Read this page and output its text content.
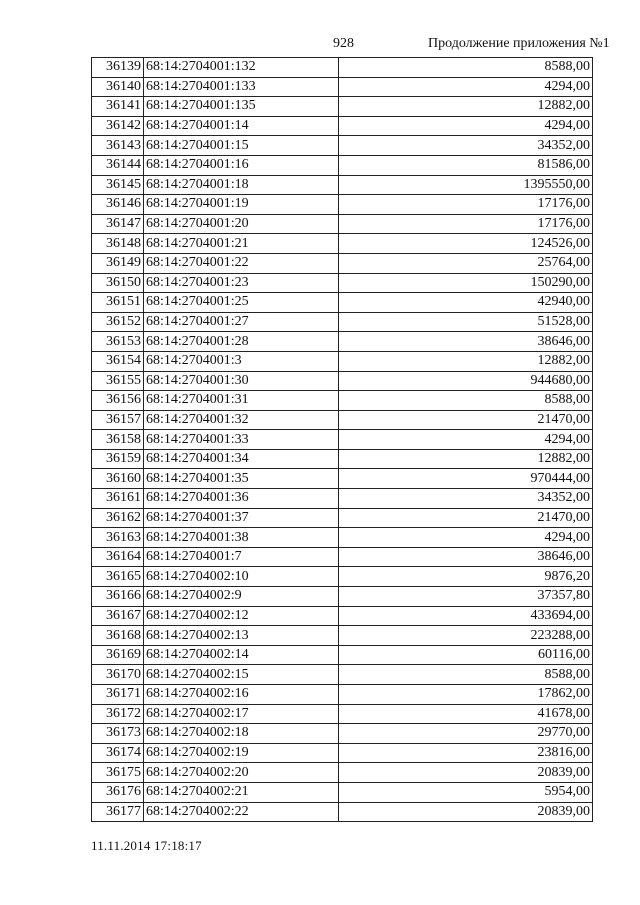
928	Продолжение приложения №1
36139	68:14:2704001:132	8588,00
36140	68:14:2704001:133	4294,00
36141	68:14:2704001:135	12882,00
36142	68:14:2704001:14	4294,00
36143	68:14:2704001:15	34352,00
36144	68:14:2704001:16	81586,00
36145	68:14:2704001:18	1395550,00
36146	68:14:2704001:19	17176,00
36147	68:14:2704001:20	17176,00
36148	68:14:2704001:21	124526,00
36149	68:14:2704001:22	25764,00
36150	68:14:2704001:23	150290,00
36151	68:14:2704001:25	42940,00
36152	68:14:2704001:27	51528,00
36153	68:14:2704001:28	38646,00
36154	68:14:2704001:3	12882,00
36155	68:14:2704001:30	944680,00
36156	68:14:2704001:31	8588,00
36157	68:14:2704001:32	21470,00
36158	68:14:2704001:33	4294,00
36159	68:14:2704001:34	12882,00
36160	68:14:2704001:35	970444,00
36161	68:14:2704001:36	34352,00
36162	68:14:2704001:37	21470,00
36163	68:14:2704001:38	4294,00
36164	68:14:2704001:7	38646,00
36165	68:14:2704002:10	9876,20
36166	68:14:2704002:9	37357,80
36167	68:14:2704002:12	433694,00
36168	68:14:2704002:13	223288,00
36169	68:14:2704002:14	60116,00
36170	68:14:2704002:15	8588,00
36171	68:14:2704002:16	17862,00
36172	68:14:2704002:17	41678,00
36173	68:14:2704002:18	29770,00
36174	68:14:2704002:19	23816,00
36175	68:14:2704002:20	20839,00
36176	68:14:2704002:21	5954,00
36177	68:14:2704002:22	20839,00
11.11.2014 17:18:17
